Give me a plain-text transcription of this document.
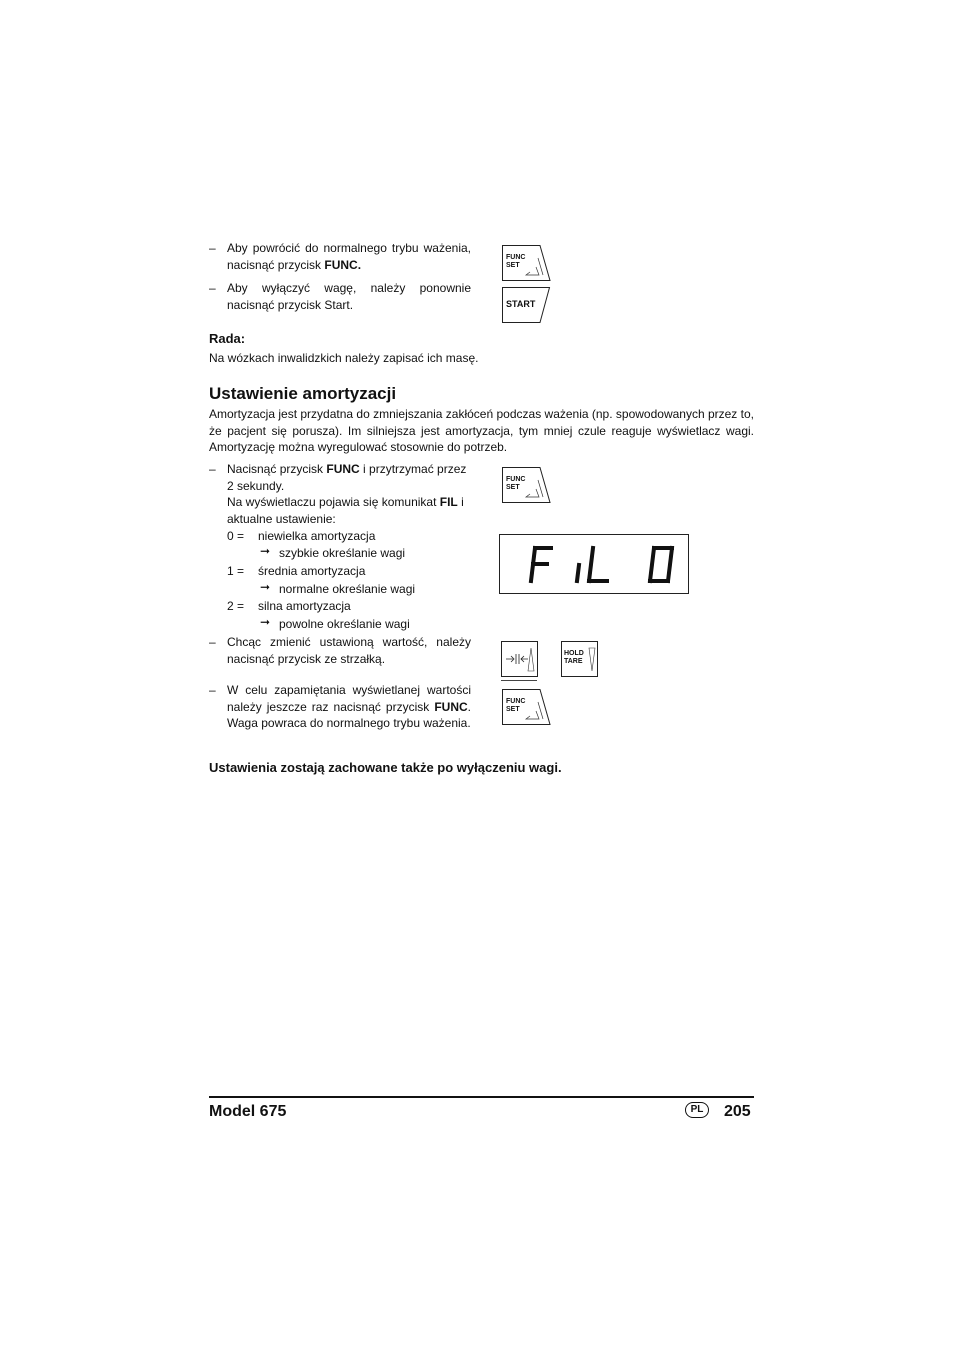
– Aby powrócić do normalnego trybu ważenia, nacisnąć przycisk FUNC.
– Aby wyłączyć wagę, należy ponownie nacisnąć przycisk Start.
FUNC
SET
START
Rada:
Na wózkach inwalidzkich należy zapisać ich masę.
Ustawienie amortyzacji
Amortyzacja jest przydatna do zmniejszania zakłóceń podczas ważenia (np. spowodowanych przez to, że pacjent się porusza). Im silniejsza jest amortyzacja, tym mniej czule reaguje wyświetlacz wagi. Amortyzację można wyregulować stosownie do potrzeb.
– Nacisnąć przycisk FUNC i przytrzymać przez 2 sekundy.
Na wyświetlaczu pojawia się komunikat FIL i aktualne ustawienie:
0 = niewielka amortyzacja
➞ szybkie określanie wagi
1 = średnia amortyzacja
➞ normalne określanie wagi
2 = silna amortyzacja
➞ powolne określanie wagi
– Chcąc zmienić ustawioną wartość, należy nacisnąć przycisk ze strzałką.
– W celu zapamiętania wyświetlanej wartości należy jeszcze raz nacisnąć przycisk FUNC. Waga powraca do normalnego trybu ważenia.
FUNC
SET
HOLD
TARE
FUNC
SET
Ustawienia zostają zachowane także po wyłączeniu wagi.
Model 675	PL 205
